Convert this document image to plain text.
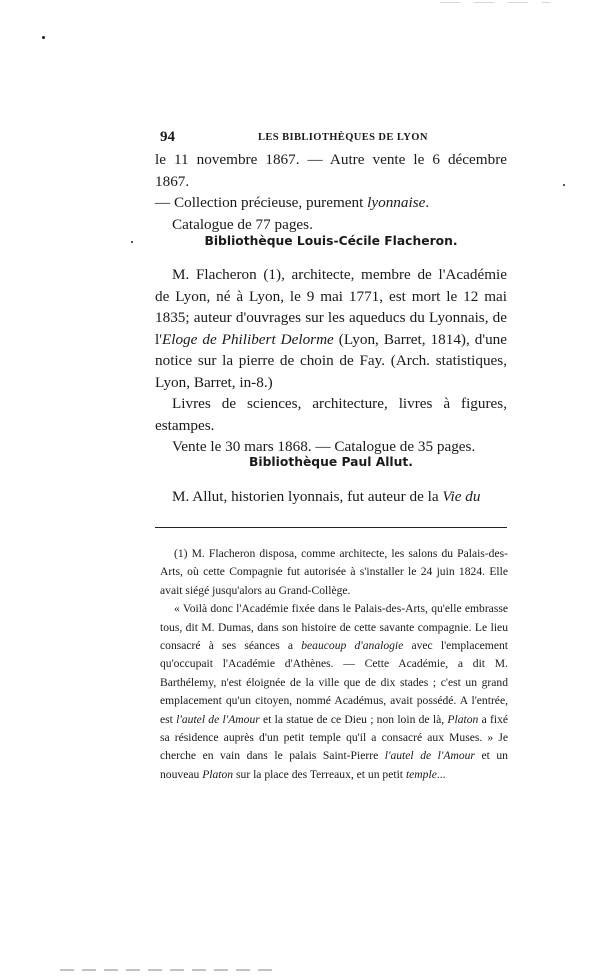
94	LES BIBLIOTHÈQUES DE LYON

le 11 novembre 1867. — Autre vente le 6 décembre 1867.

— Collection précieuse, purement lyonnaise.

Catalogue de 77 pages.

Bibliothèque Louis-Cécile Flacheron.

M. Flacheron (1), architecte, membre de l'Académie de Lyon, né à Lyon, le 9 mai 1771, est mort le 12 mai 1835; auteur d'ouvrages sur les aqueducs du Lyonnais, de l'Eloge de Philibert Delorme (Lyon, Barret, 1814), d'une notice sur la pierre de choin de Fay. (Arch. statistiques, Lyon, Barret, in-8.)

Livres de sciences, architecture, livres à figures, estampes.

Vente le 30 mars 1868. — Catalogue de 35 pages.

Bibliothèque Paul Allut.

M. Allut, historien lyonnais, fut auteur de la Vie du

(1) M. Flacheron disposa, comme architecte, les salons du Palais-des-Arts, où cette Compagnie fut autorisée à s'installer le 24 juin 1824. Elle avait siégé jusqu'alors au Grand-Collège.

« Voilà donc l'Académie fixée dans le Palais-des-Arts, qu'elle embrasse tous, dit M. Dumas, dans son histoire de cette savante compagnie. Le lieu consacré à ses séances a beaucoup d'analogie avec l'emplacement qu'occupait l'Académie d'Athènes. — Cette Académie, a dit M. Barthélemy, n'est éloignée de la ville que de dix stades ; c'est un grand emplacement qu'un citoyen, nommé Académus, avait possédé. A l'entrée, est l'autel de l'Amour et la statue de ce Dieu ; non loin de là, Platon a fixé sa résidence auprès d'un petit temple qu'il a consacré aux Muses. » Je cherche en vain dans le palais Saint-Pierre l'autel de l'Amour et un nouveau Platon sur la place des Terreaux, et un petit temple...
